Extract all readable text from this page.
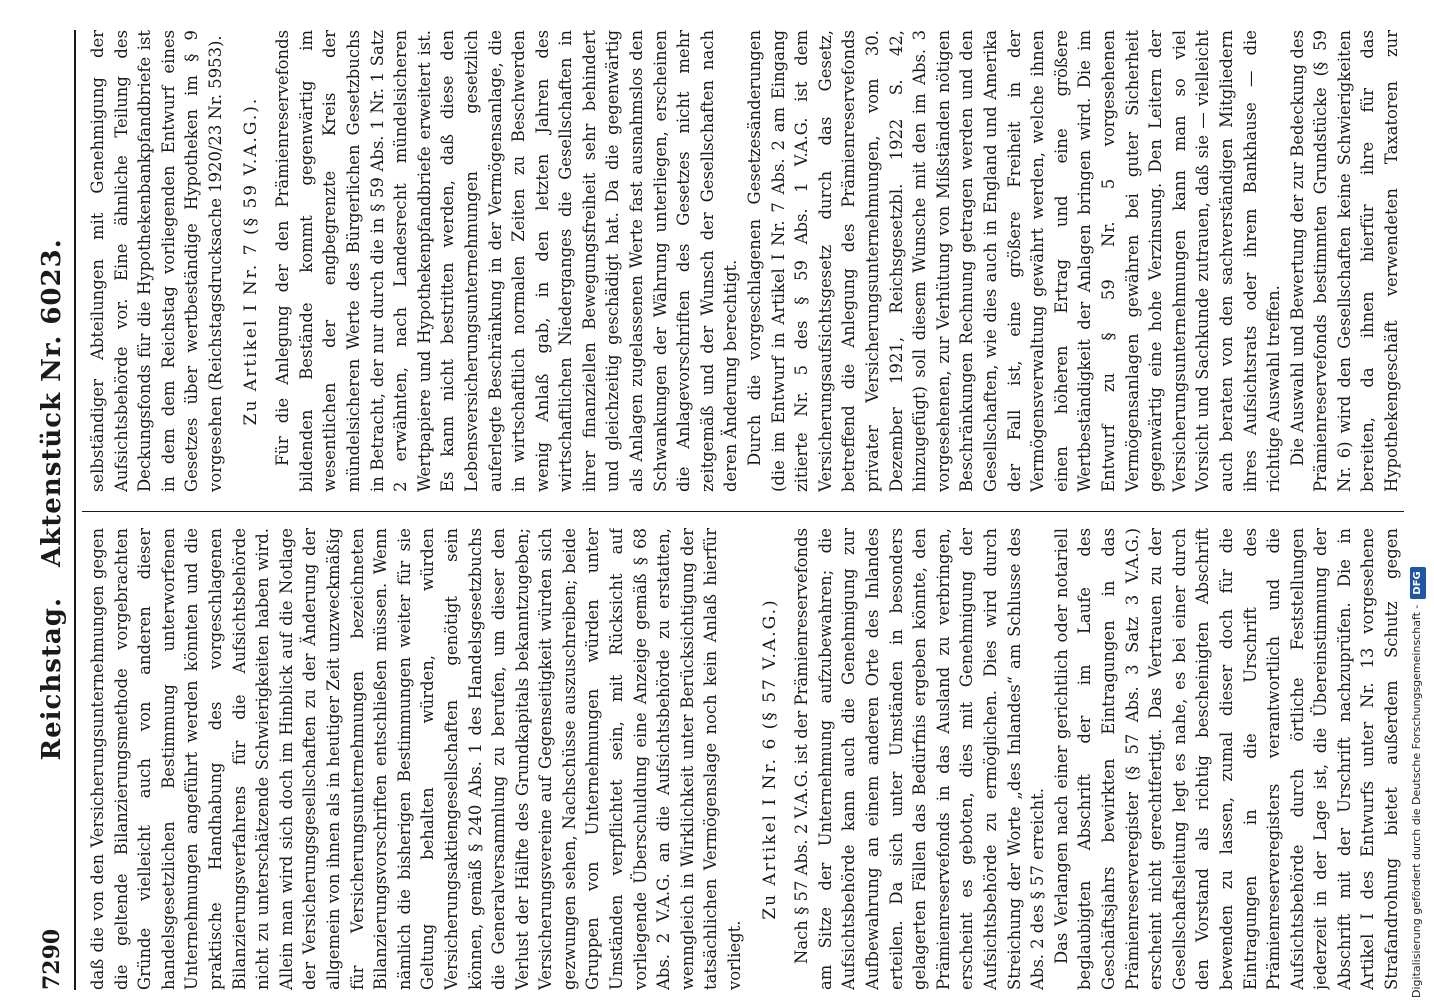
7290
Reichstag. Aktenstück Nr. 6023.

daß die von den Versicherungsunternehmungen gegen die geltende Bilanzierungsmethode vorgebrachten Gründe vielleicht auch von anderen dieser handelsgesetzlichen Bestimmung unterworfenen Unternehmungen angeführt werden könnten und die praktische Handhabung des vorgeschlagenen Bilanzierungsverfahrens für die Aufsichtsbehörde nicht zu unterschätzende Schwierigkeiten haben wird. Allein man wird sich doch im Hinblick auf die Notlage der Versicherungsgesellschaften zu der Änderung der allgemein von ihnen als in heutiger Zeit unzweckmäßig für Versicherungsunternehmungen bezeichneten Bilanzierungsvorschriften entschließen müssen. Wenn nämlich die bisherigen Bestimmungen weiter für sie Geltung behalten würden, würden Versicherungsaktiengesellschaften genötigt sein können, gemäß § 240 Abs. 1 des Handelsgesetzbuchs die Generalversammlung zu berufen, um dieser den Verlust der Hälfte des Grundkapitals bekanntzugeben; Versicherungsvereine auf Gegenseitigkeit würden sich gezwungen sehen, Nachschüsse auszuschreiben; beide Gruppen von Unternehmungen würden unter Umständen verpflichtet sein, mit Rücksicht auf vorliegende Überschuldung eine Anzeige gemäß § 68 Abs. 2 V.A.G. an die Aufsichtsbehörde zu erstatten, wenngleich in Wirklichkeit unter Berücksichtigung der tatsächlichen Vermögenslage noch kein Anlaß hierfür vorliegt.

Zu Artikel I Nr. 6 (§ 57 V.A.G.) Nach § 57 Abs. 2 V.A.G. ist der Prämienreservefonds am Sitze der Unternehmung aufzubewahren; die Aufsichtsbehörde kann auch die Genehmigung zur Aufbewahrung an einem anderen Orte des Inlandes erteilen. Da sich unter Umständen in besonders gelagerten Fällen das Bedürfnis ergeben könnte, den Prämienreservefonds in das Ausland zu verbringen, erscheint es geboten, dies mit Genehmigung der Aufsichtsbehörde zu ermöglichen. Dies wird durch Streichung der Worte „des Inlandes“ am Schlusse des Abs. 2 des § 57 erreicht. Das Verlangen nach einer gerichtlich oder notariell beglaubigten Abschrift der im Laufe des Geschäftsjahrs bewirkten Eintragungen in das Prämienreserveregister (§ 57 Abs. 3 Satz 3 V.A.G.) erscheint nicht gerechtfertigt. Das Vertrauen zu der Gesellschaftsleitung legt es nahe, es bei einer durch den Vorstand als richtig bescheinigten Abschrift bewenden zu lassen, zumal dieser doch für die Eintragungen in die Urschrift des Prämienreserveregisters verantwortlich und die Aufsichtsbehörde durch örtliche Feststellungen jederzeit in der Lage ist, die Übereinstimmung der Abschrift mit der Urschrift nachzuprüfen. Die in Artikel I des Entwurfs unter Nr. 13 vorgesehene Strafandrohung bietet außerdem Schutz gegen

selbständiger Abteilungen mit Genehmigung der Aufsichtsbehörde vor. Eine ähnliche Teilung des Deckungsfonds für die Hypothekenbankpfandbriefe ist in dem dem Reichstag vorliegenden Entwurf eines Gesetzes über wertbeständige Hypotheken im § 9 vorgesehen (Reichstagsdrucksache 1920/23 Nr. 5953). Zu Artikel I Nr. 7 (§ 59 V.A.G.). Für die Anlegung der den Prämienreservefonds bildenden Bestände kommt gegenwärtig im wesentlichen der engbegrenzte Kreis der mündelsicheren Werte des Bürgerlichen Gesetzbuchs in Betracht, der nur durch die in § 59 Abs. 1 Nr. 1 Satz 2 erwähnten, nach Landesrecht mündelsicheren Wertpapiere und Hypothekenpfandbriefe erweitert ist. Es kann nicht bestritten werden, daß diese den Lebensversicherungsunternehmungen gesetzlich auferlegte Beschränkung in der Vermögensanlage, die in wirtschaftlich normalen Zeiten zu Beschwerden wenig Anlaß gab, in den letzten Jahren des wirtschaftlichen Niederganges die Gesellschaften in ihrer finanziellen Bewegungsfreiheit sehr behindert und gleichzeitig geschädigt hat. Da die gegenwärtig als Anlagen zugelassenen Werte fast ausnahmslos den Schwankungen der Währung unterliegen, erscheinen die Anlagevorschriften des Gesetzes nicht mehr zeitgemäß und der Wunsch der Gesellschaften nach deren Änderung berechtigt. Durch die vorgeschlagenen Gesetzesänderungen (die im Entwurf in Artikel I Nr. 7 Abs. 2 am Eingang zitierte Nr. 5 des § 59 Abs. 1 V.A.G. ist dem Versicherungsaufsichtsgesetz durch das Gesetz, betreffend die Anlegung des Prämienreservefonds privater Versicherungsunternehmungen, vom 30. Dezember 1921, Reichsgesetzbl. 1922 S. 42, hinzugefügt) soll diesem Wunsche mit den im Abs. 3 vorgesehenen, zur Verhütung von Mißständen nötigen Beschränkungen Rechnung getragen werden und den Gesellschaften, wie dies auch in England und Amerika der Fall ist, eine größere Freiheit in der Vermögensverwaltung gewährt werden, welche ihnen einen höheren Ertrag und eine größere Wertbeständigkeit der Anlagen bringen wird. Die im Entwurf zu § 59 Nr. 5 vorgesehenen Vermögensanlagen gewähren bei guter Sicherheit gegenwärtig eine hohe Verzinsung. Den Leitern der Versicherungsunternehmungen kann man so viel Vorsicht und Sachkunde zutrauen, daß sie — vielleicht auch beraten von den sachverständigen Mitgliedern ihres Aufsichtsrats oder ihrem Bankhause — die richtige Auswahl treffen. Die Auswahl und Bewertung der zur Bedeckung des Prämienreservefonds bestimmten Grundstücke (§ 59 Nr. 6) wird den Gesellschaften keine Schwierigkeiten bereiten, da ihnen hierfür ihre für das Hypothekengeschäft verwendeten Taxatoren zur

Digitalisierung gefördert durch die Deutsche Forschungsgemeinschaft -DFG
